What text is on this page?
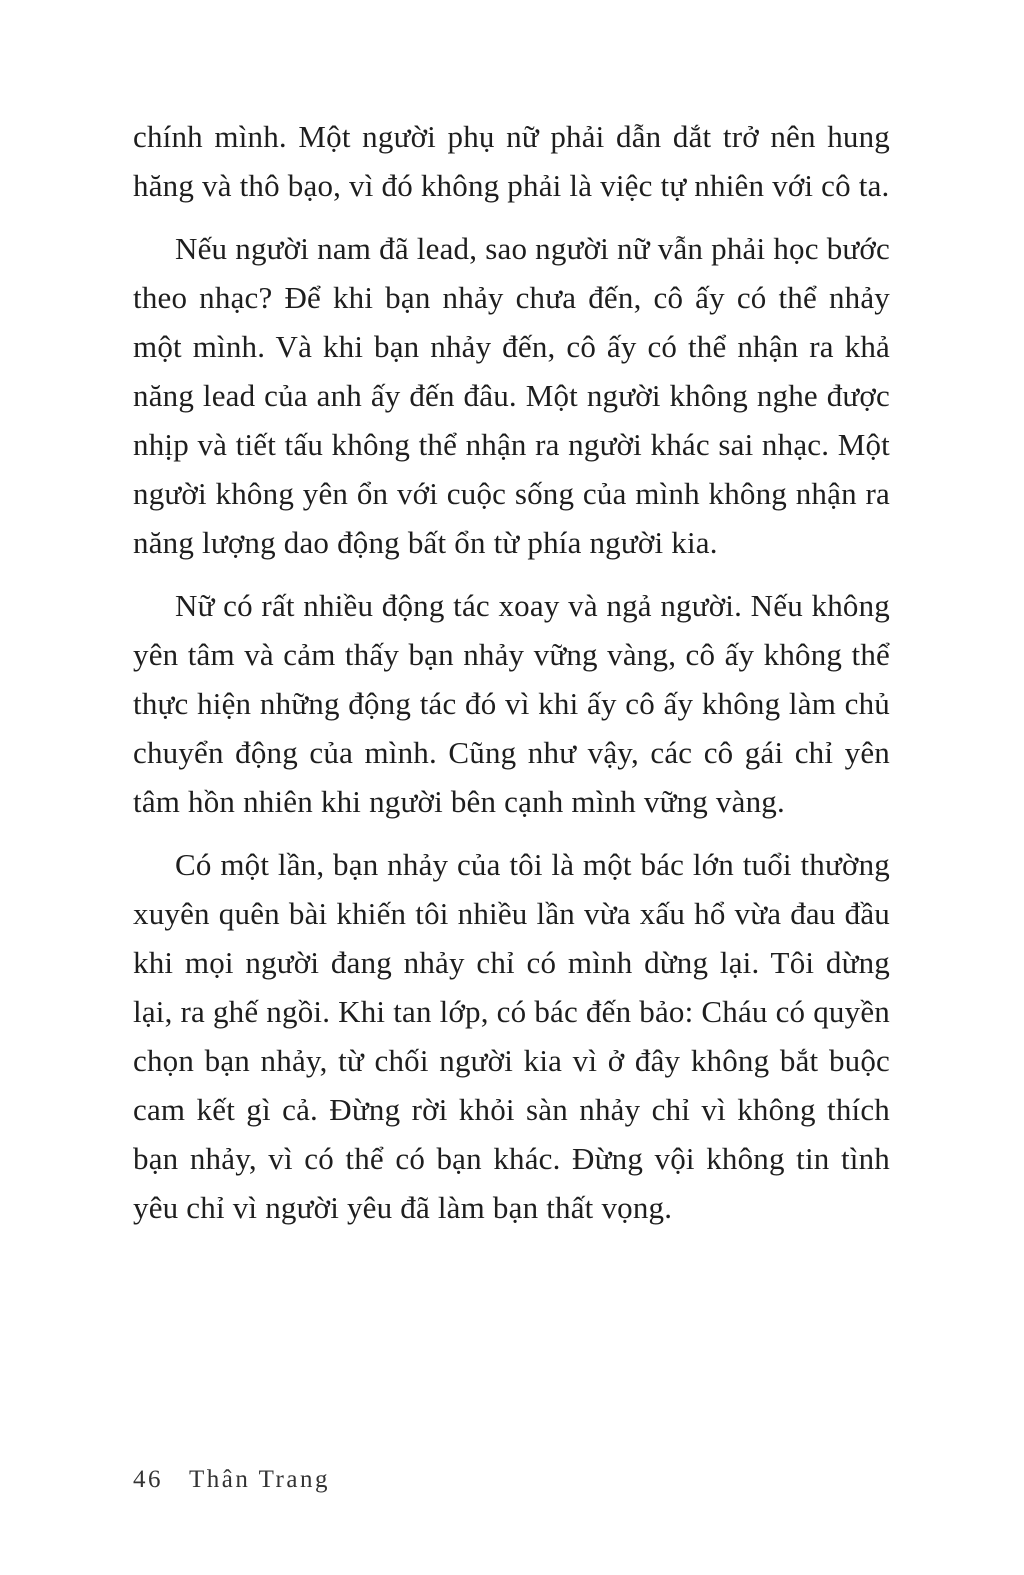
chính mình. Một người phụ nữ phải dẫn dắt trở nên hung hăng và thô bạo, vì đó không phải là việc tự nhiên với cô ta.

Nếu người nam đã lead, sao người nữ vẫn phải học bước theo nhạc? Để khi bạn nhảy chưa đến, cô ấy có thể nhảy một mình. Và khi bạn nhảy đến, cô ấy có thể nhận ra khả năng lead của anh ấy đến đâu. Một người không nghe được nhịp và tiết tấu không thể nhận ra người khác sai nhạc. Một người không yên ổn với cuộc sống của mình không nhận ra năng lượng dao động bất ổn từ phía người kia.

Nữ có rất nhiều động tác xoay và ngả người. Nếu không yên tâm và cảm thấy bạn nhảy vững vàng, cô ấy không thể thực hiện những động tác đó vì khi ấy cô ấy không làm chủ chuyển động của mình. Cũng như vậy, các cô gái chỉ yên tâm hồn nhiên khi người bên cạnh mình vững vàng.

Có một lần, bạn nhảy của tôi là một bác lớn tuổi thường xuyên quên bài khiến tôi nhiều lần vừa xấu hổ vừa đau đầu khi mọi người đang nhảy chỉ có mình dừng lại. Tôi dừng lại, ra ghế ngồi. Khi tan lớp, có bác đến bảo: Cháu có quyền chọn bạn nhảy, từ chối người kia vì ở đây không bắt buộc cam kết gì cả. Đừng rời khỏi sàn nhảy chỉ vì không thích bạn nhảy, vì có thể có bạn khác. Đừng vội không tin tình yêu chỉ vì người yêu đã làm bạn thất vọng.

46 Thân Trang
